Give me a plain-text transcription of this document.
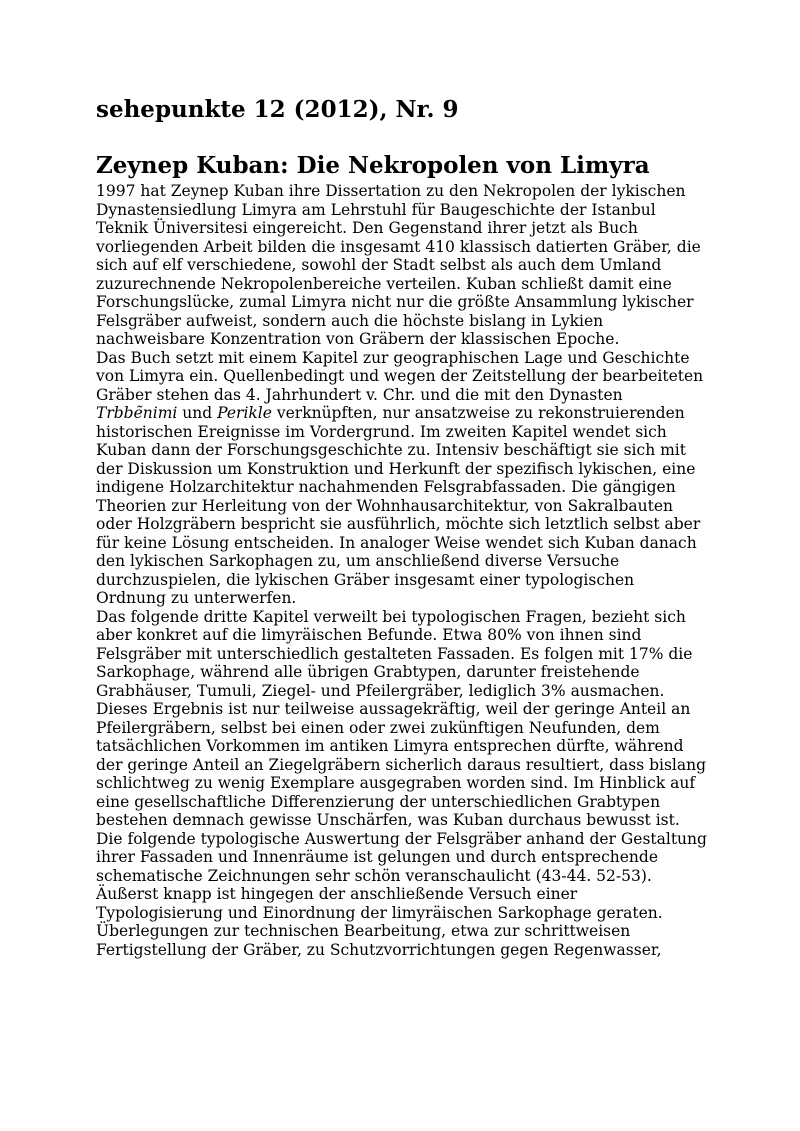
sehepunkte 12 (2012), Nr. 9
Zeynep Kuban: Die Nekropolen von Limyra

1997 hat Zeynep Kuban ihre Dissertation zu den Nekropolen der lykischen Dynastensiedlung Limyra am Lehrstuhl für Baugeschichte der Istanbul Teknik Üniversitesi eingereicht. Den Gegenstand ihrer jetzt als Buch vorliegenden Arbeit bilden die insgesamt 410 klassisch datierten Gräber, die sich auf elf verschiedene, sowohl der Stadt selbst als auch dem Umland zuzurechnende Nekropolenbereiche verteilen. Kuban schließt damit eine Forschungslücke, zumal Limyra nicht nur die größte Ansammlung lykischer Felsgräber aufweist, sondern auch die höchste bislang in Lykien nachweisbare Konzentration von Gräbern der klassischen Epoche.

Das Buch setzt mit einem Kapitel zur geographischen Lage und Geschichte von Limyra ein. Quellenbedingt und wegen der Zeitstellung der bearbeiteten Gräber stehen das 4. Jahrhundert v. Chr. und die mit den Dynasten Trbbẽnimi und Perikle verknüpften, nur ansatzweise zu rekonstruierenden historischen Ereignisse im Vordergrund. Im zweiten Kapitel wendet sich Kuban dann der Forschungsgeschichte zu. Intensiv beschäftigt sie sich mit der Diskussion um Konstruktion und Herkunft der spezifisch lykischen, eine indigene Holzarchitektur nachahmenden Felsgrabfassaden. Die gängigen Theorien zur Herleitung von der Wohnhausarchitektur, von Sakralbauten oder Holzgräbern bespricht sie ausführlich, möchte sich letztlich selbst aber für keine Lösung entscheiden. In analoger Weise wendet sich Kuban danach den lykischen Sarkophagen zu, um anschließend diverse Versuche durchzuspielen, die lykischen Gräber insgesamt einer typologischen Ordnung zu unterwerfen.

Das folgende dritte Kapitel verweilt bei typologischen Fragen, bezieht sich aber konkret auf die limyräischen Befunde. Etwa 80% von ihnen sind Felsgräber mit unterschiedlich gestalteten Fassaden. Es folgen mit 17% die Sarkophage, während alle übrigen Grabtypen, darunter freistehende Grabhäuser, Tumuli, Ziegel- und Pfeilergräber, lediglich 3% ausmachen. Dieses Ergebnis ist nur teilweise aussagekräftig, weil der geringe Anteil an Pfeilergräbern, selbst bei einen oder zwei zukünftigen Neufunden, dem tatsächlichen Vorkommen im antiken Limyra entsprechen dürfte, während der geringe Anteil an Ziegelgräbern sicherlich daraus resultiert, dass bislang schlichtweg zu wenig Exemplare ausgegraben worden sind. Im Hinblick auf eine gesellschaftliche Differenzierung der unterschiedlichen Grabtypen bestehen demnach gewisse Unschärfen, was Kuban durchaus bewusst ist. Die folgende typologische Auswertung der Felsgräber anhand der Gestaltung ihrer Fassaden und Innenräume ist gelungen und durch entsprechende schematische Zeichnungen sehr schön veranschaulicht (43-44. 52-53). Äußerst knapp ist hingegen der anschließende Versuch einer Typologisierung und Einordnung der limyräischen Sarkophage geraten.

Überlegungen zur technischen Bearbeitung, etwa zur schrittweisen Fertigstellung der Gräber, zu Schutzvorrichtungen gegen Regenwasser,
